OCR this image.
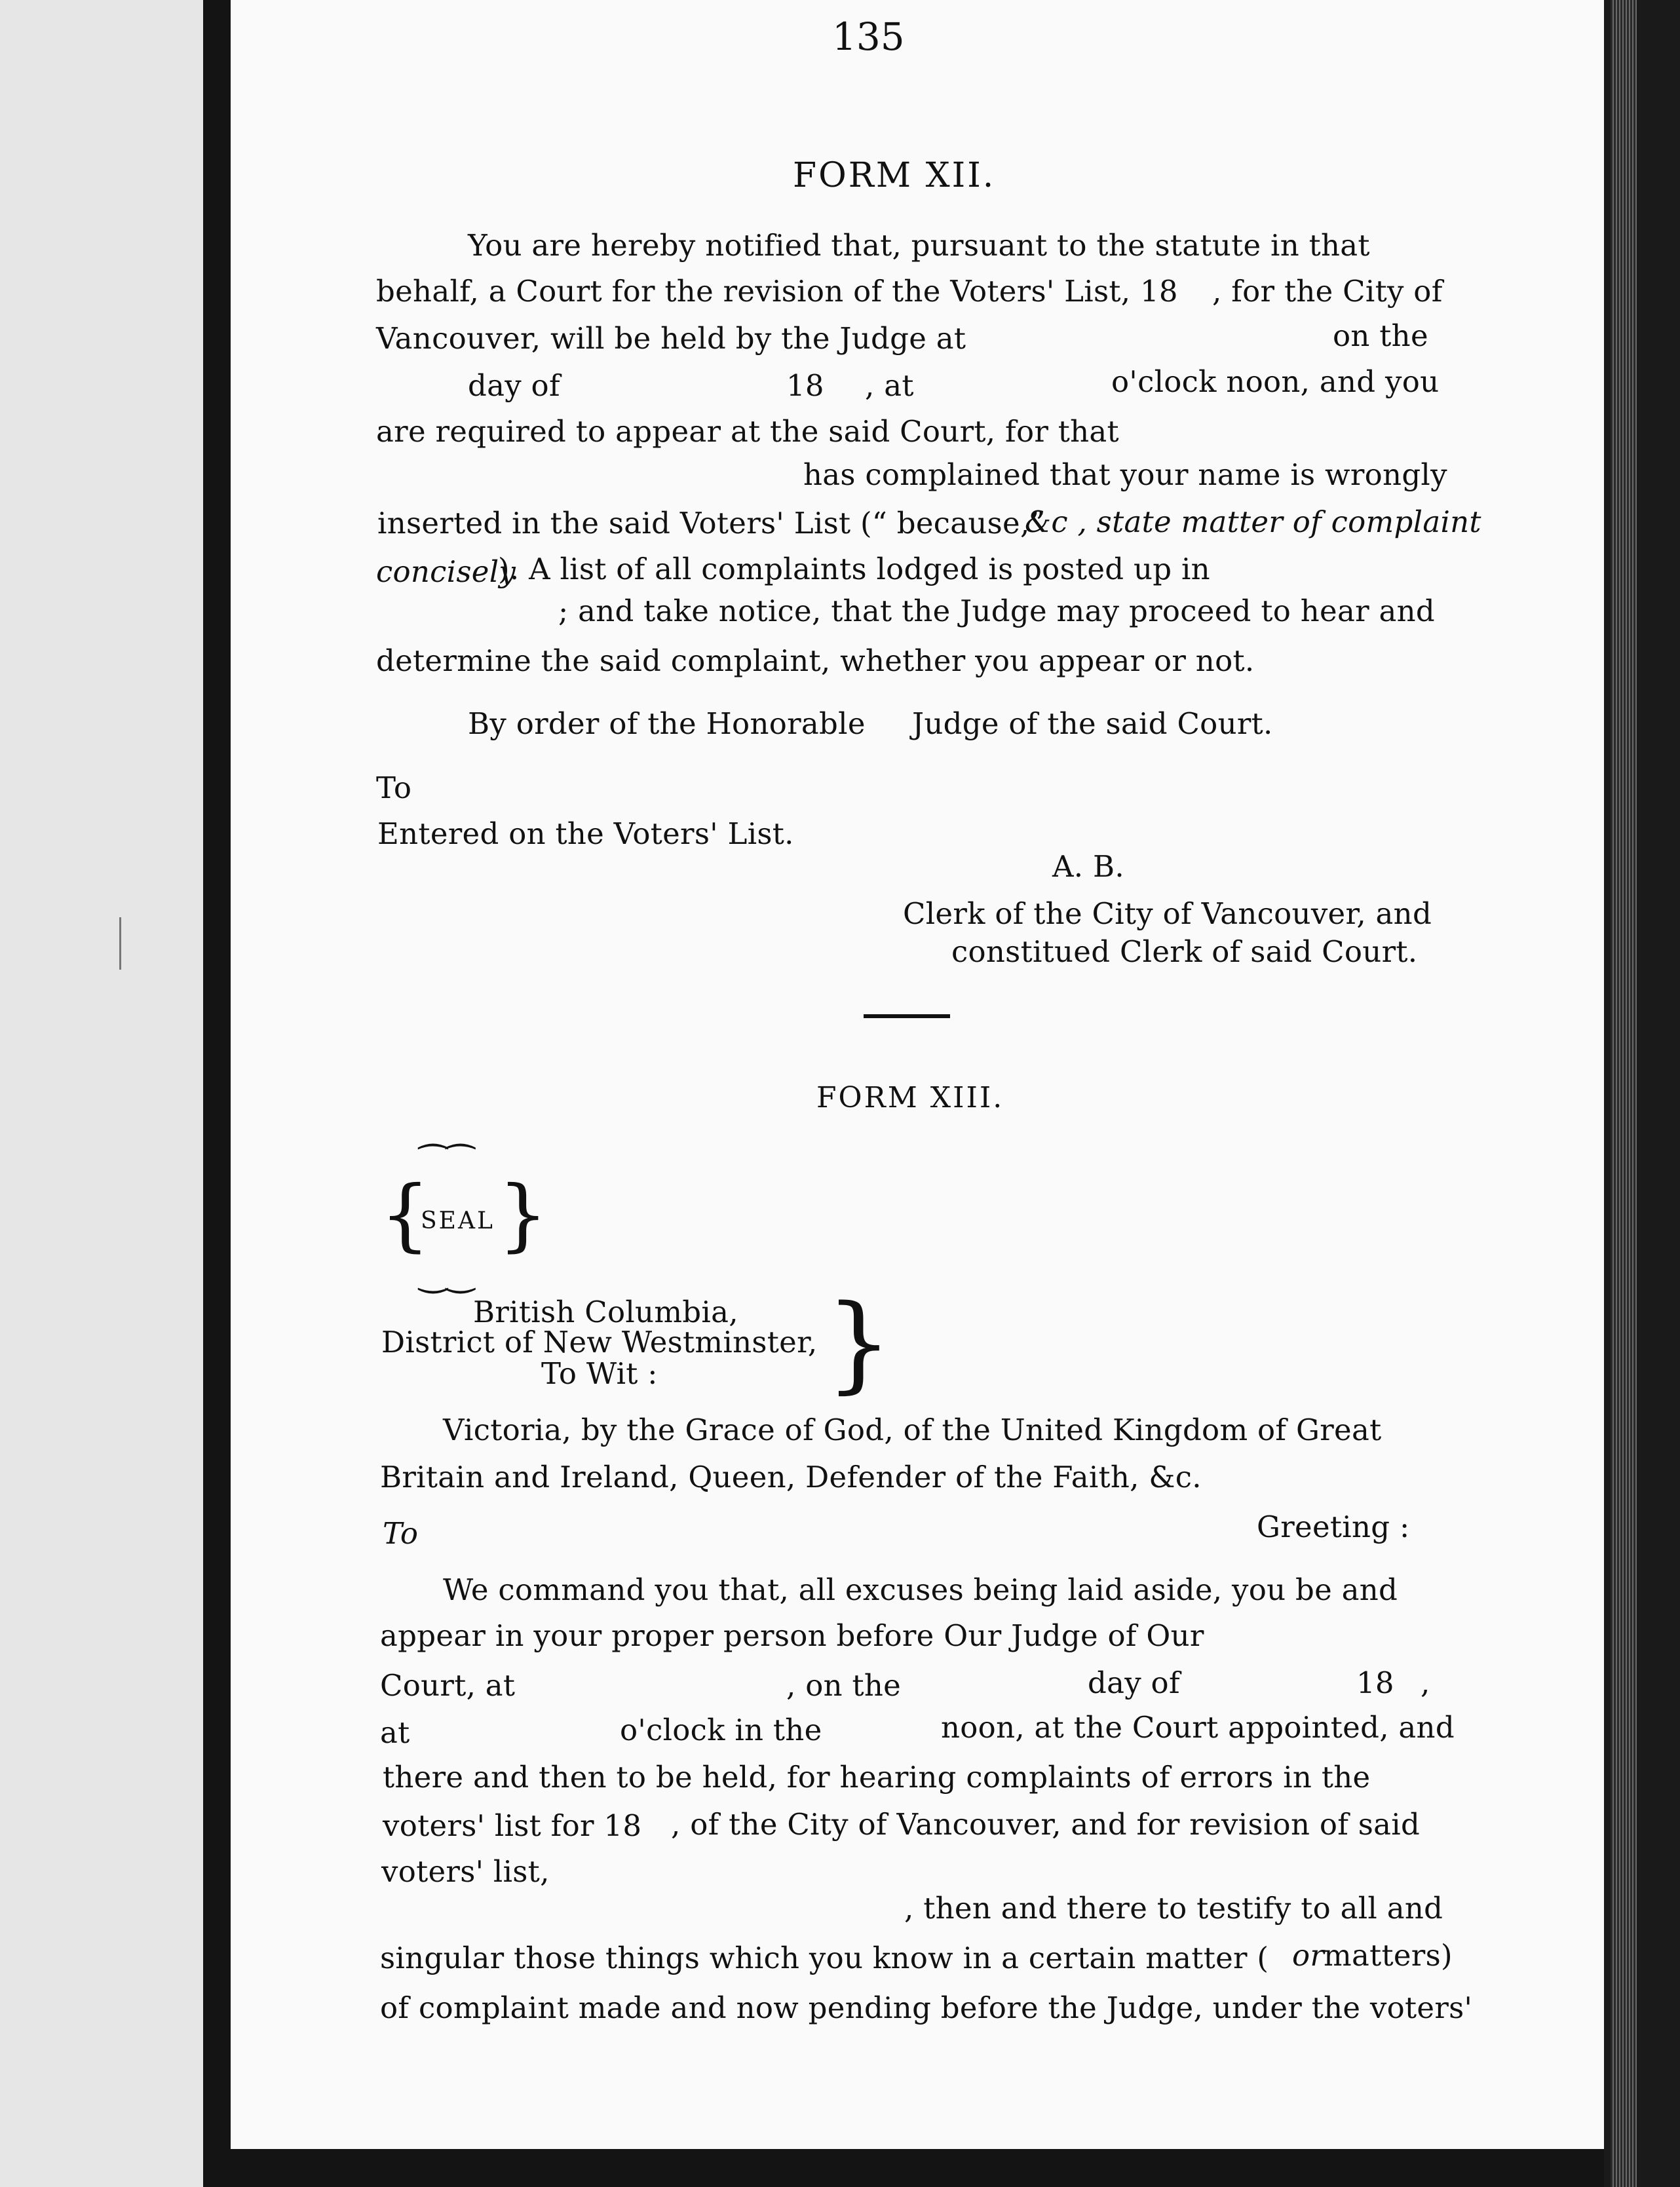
135
FORM XII.
You are hereby notified that, pursuant to the statute in that
behalf, a Court for the revision of the Voters' List, 18 , for the City of
Vancouver, will be held by the Judge at	on the
day of	18 , at	o'clock noon, and you
are required to appear at the said Court, for that
has complained that your name is wrongly
inserted in the said Voters' List (“ because,”
&c , state matter of complaint
concisely
). A list of all complaints lodged is posted up in
; and take notice, that the Judge may proceed to hear and
determine the said complaint, whether you appear or not.
By order of the Honorable Judge of the said Court.
To
Entered on the Voters' List.
A. B.
Clerk of the City of Vancouver, and
constitued Clerk of said Court.
FORM XIII.
⁀⁀
{
SEAL }
‿‿
British Columbia,
District of New Westminster,
To Wit : }
Victoria, by the Grace of God, of the United Kingdom of Great
Britain and Ireland, Queen, Defender of the Faith, &c.
To	Greeting :
We command you that, all excuses being laid aside, you be and
appear in your proper person before Our Judge of Our
Court, at	, on the	day of	18 ,
at	o'clock in the	noon, at the Court appointed, and
there and then to be held, for hearing complaints of errors in the
voters' list for 18 , of the City of Vancouver, and for revision of said
voters' list,
, then and there to testify to all and
singular those things which you know in a certain matter ( or
matters)
of complaint made and now pending before the Judge, under the voters'
